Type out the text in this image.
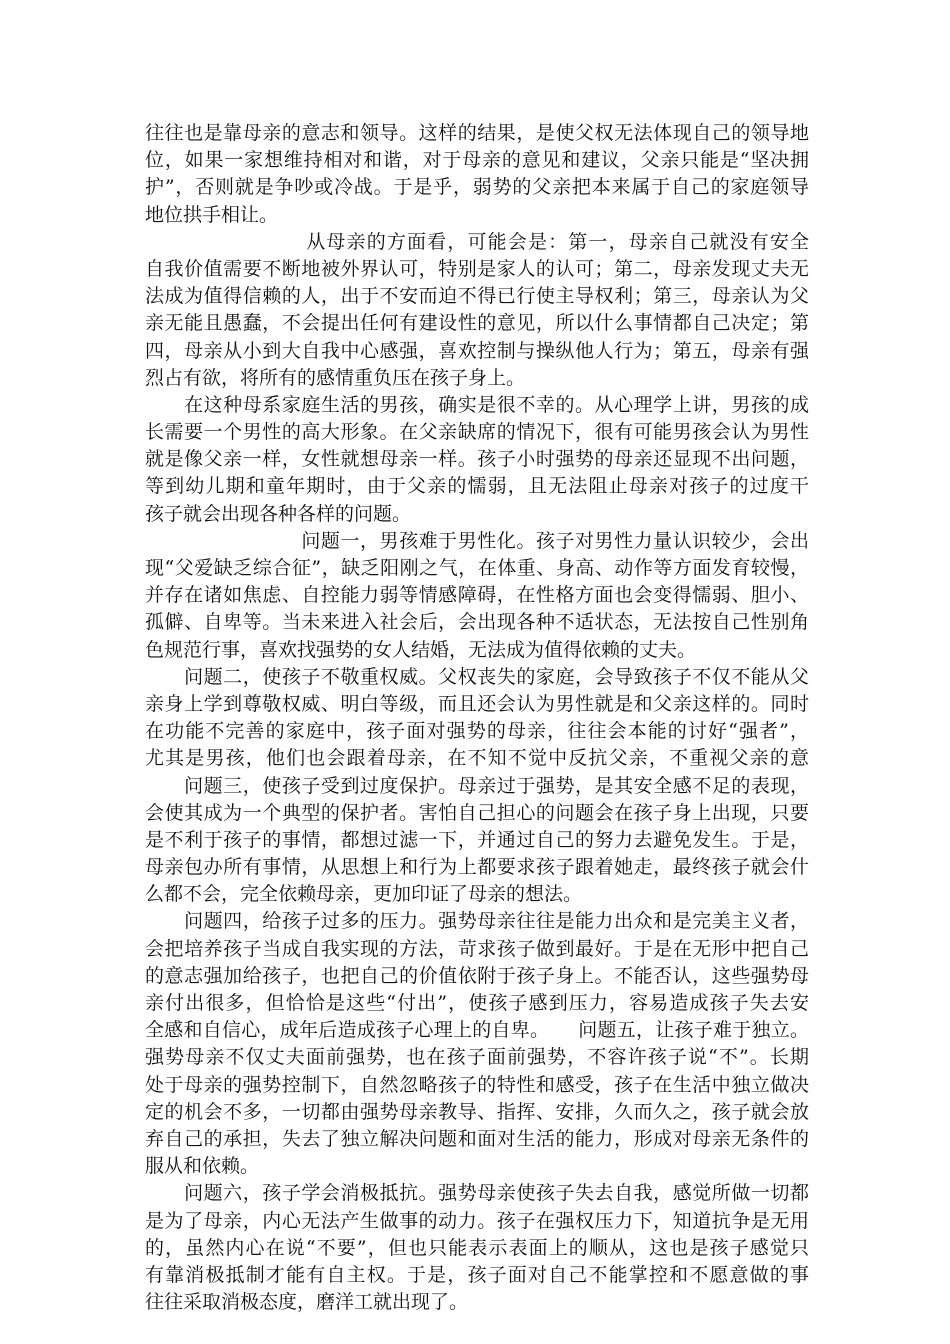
往往也是靠母亲的意志和领导。这样的结果，是使父权无法体现自己的领导地
位，如果一家想维持相对和谐，对于母亲的意见和建议，父亲只能是“坚决拥
护”，否则就是争吵或冷战。于是乎，弱势的父亲把本来属于自己的家庭领导
地位拱手相让。
　　　　　　　　从母亲的方面看，可能会是：第一，母亲自己就没有安全
自我价值需要不断地被外界认可，特别是家人的认可；第二，母亲发现丈夫无
法成为值得信赖的人，出于不安而迫不得已行使主导权利；第三，母亲认为父
亲无能且愚蠢，不会提出任何有建设性的意见，所以什么事情都自己决定；第
四，母亲从小到大自我中心感强，喜欢控制与操纵他人行为；第五，母亲有强
烈占有欲，将所有的感情重负压在孩子身上。
　　在这种母系家庭生活的男孩，确实是很不幸的。从心理学上讲，男孩的成
长需要一个男性的高大形象。在父亲缺席的情况下，很有可能男孩会认为男性
就是像父亲一样，女性就想母亲一样。孩子小时强势的母亲还显现不出问题，
等到幼儿期和童年期时，由于父亲的懦弱，且无法阻止母亲对孩子的过度干
孩子就会出现各种各样的问题。
　　　　　　　　问题一，男孩难于男性化。孩子对男性力量认识较少，会出
现“父爱缺乏综合征”，缺乏阳刚之气，在体重、身高、动作等方面发育较慢，
并存在诸如焦虑、自控能力弱等情感障碍，在性格方面也会变得懦弱、胆小、
孤僻、自卑等。当未来进入社会后，会出现各种不适状态，无法按自己性别角
色规范行事，喜欢找强势的女人结婚，无法成为值得依赖的丈夫。
　　问题二，使孩子不敬重权威。父权丧失的家庭，会导致孩子不仅不能从父
亲身上学到尊敬权威、明白等级，而且还会认为男性就是和父亲这样的。同时
在功能不完善的家庭中，孩子面对强势的母亲，往往会本能的讨好“强者”，
尤其是男孩，他们也会跟着母亲，在不知不觉中反抗父亲，不重视父亲的意
　　问题三，使孩子受到过度保护。母亲过于强势，是其安全感不足的表现，
会使其成为一个典型的保护者。害怕自己担心的问题会在孩子身上出现，只要
是不利于孩子的事情，都想过滤一下，并通过自己的努力去避免发生。于是，
母亲包办所有事情，从思想上和行为上都要求孩子跟着她走，最终孩子就会什
么都不会，完全依赖母亲，更加印证了母亲的想法。
　　问题四，给孩子过多的压力。强势母亲往往是能力出众和是完美主义者，
会把培养孩子当成自我实现的方法，苛求孩子做到最好。于是在无形中把自己
的意志强加给孩子，也把自己的价值依附于孩子身上。不能否认，这些强势母
亲付出很多，但恰恰是这些“付出”，使孩子感到压力，容易造成孩子失去安
全感和自信心，成年后造成孩子心理上的自卑。　　问题五，让孩子难于独立。
强势母亲不仅丈夫面前强势，也在孩子面前强势，不容许孩子说“不”。长期
处于母亲的强势控制下，自然忽略孩子的特性和感受，孩子在生活中独立做决
定的机会不多，一切都由强势母亲教导、指挥、安排，久而久之，孩子就会放
弃自己的承担，失去了独立解决问题和面对生活的能力，形成对母亲无条件的
服从和依赖。
　　问题六，孩子学会消极抵抗。强势母亲使孩子失去自我，感觉所做一切都
是为了母亲，内心无法产生做事的动力。孩子在强权压力下，知道抗争是无用
的，虽然内心在说“不要”，但也只能表示表面上的顺从，这也是孩子感觉只
有靠消极抵制才能有自主权。于是，孩子面对自己不能掌控和不愿意做的事
往往采取消极态度，磨洋工就出现了。
